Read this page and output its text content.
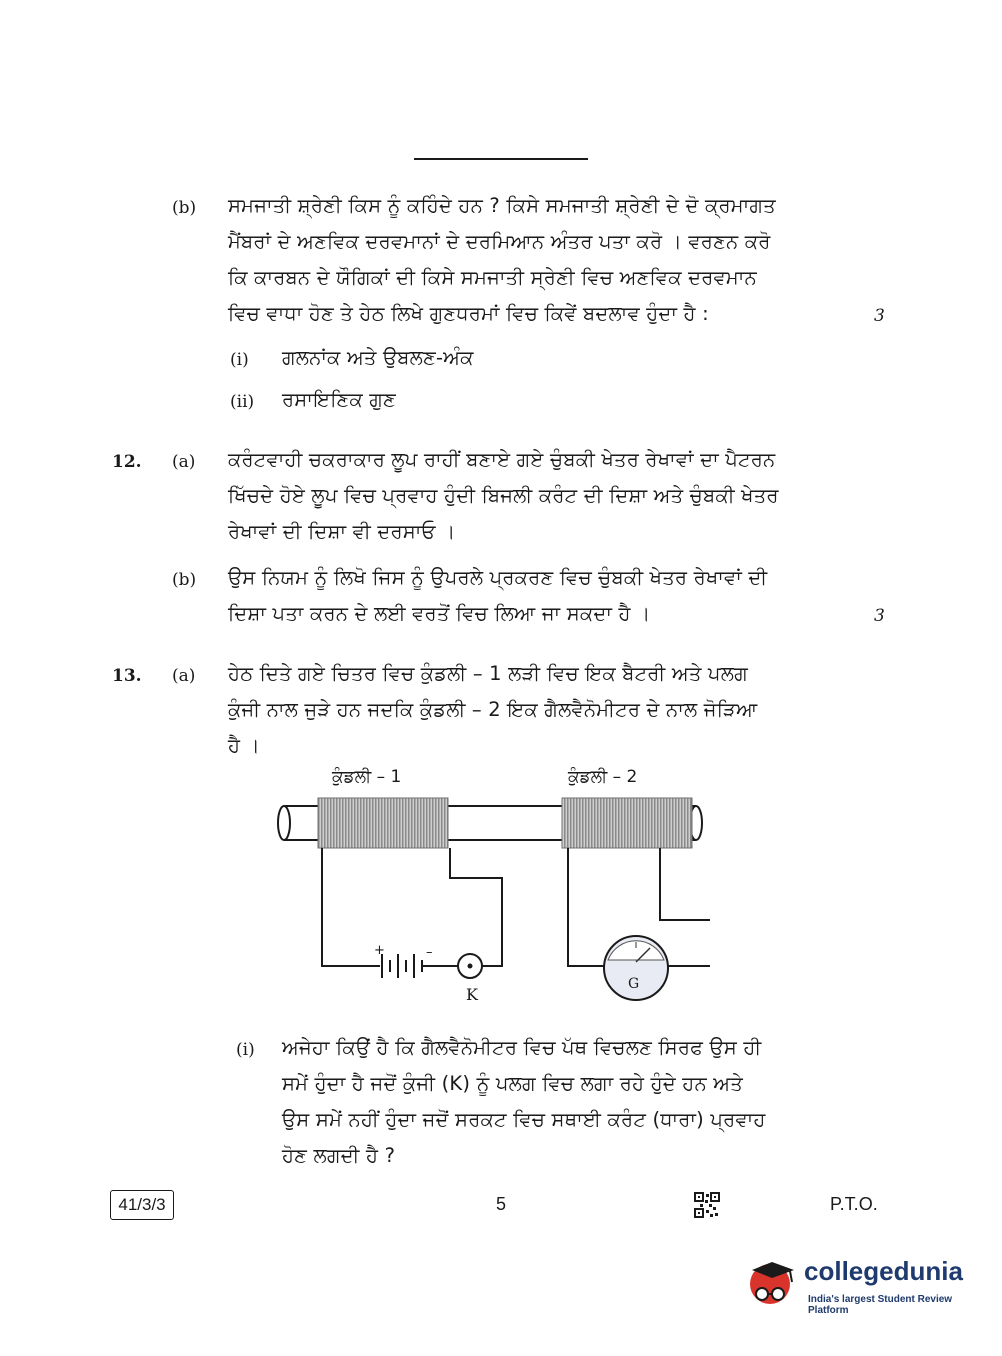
(b) ਸਮਜਾਤੀ ਸ਼੍ਰੇਣੀ ਕਿਸ ਨੂੰ ਕਹਿੰਦੇ ਹਨ ? ਕਿਸੇ ਸਮਜਾਤੀ ਸ਼੍ਰੇਣੀ ਦੇ ਦੋ ਕ੍ਰਮਾਗਤ
ਮੈਂਬਰਾਂ ਦੇ ਅਣਵਿਕ ਦਰਵਮਾਨਾਂ ਦੇ ਦਰਮਿਆਨ ਅੰਤਰ ਪਤਾ ਕਰੋ । ਵਰਣਨ ਕਰੋ
ਕਿ ਕਾਰਬਨ ਦੇ ਯੌਗਿਕਾਂ ਦੀ ਕਿਸੇ ਸਮਜਾਤੀ ਸ੍ਰੇਣੀ ਵਿਚ ਅਣਵਿਕ ਦਰਵਮਾਨ
ਵਿਚ ਵਾਧਾ ਹੋਣ ਤੇ ਹੇਠ ਲਿਖੇ ਗੁਣਧਰਮਾਂ ਵਿਚ ਕਿਵੇਂ ਬਦਲਾਵ ਹੁੰਦਾ ਹੈ :	3
(i) ਗਲਨਾਂਕ ਅਤੇ ਉਬਲਣ-ਅੰਕ
(ii) ਰਸਾਇਣਿਕ ਗੁਣ
12. (a) ਕਰੰਟਵਾਹੀ ਚਕਰਾਕਾਰ ਲੂਪ ਰਾਹੀਂ ਬਣਾਏ ਗਏ ਚੁੰਬਕੀ ਖੇਤਰ ਰੇਖਾਵਾਂ ਦਾ ਪੈਟਰਨ
ਖਿੱਚਦੇ ਹੋਏ ਲੂਪ ਵਿਚ ਪ੍ਰਵਾਹ ਹੁੰਦੀ ਬਿਜਲੀ ਕਰੰਟ ਦੀ ਦਿਸ਼ਾ ਅਤੇ ਚੁੰਬਕੀ ਖੇਤਰ
ਰੇਖਾਵਾਂ ਦੀ ਦਿਸ਼ਾ ਵੀ ਦਰਸਾਓ ।
(b) ਉਸ ਨਿਯਮ ਨੂੰ ਲਿਖੋ ਜਿਸ ਨੂੰ ਉਪਰਲੇ ਪ੍ਰਕਰਣ ਵਿਚ ਚੁੰਬਕੀ ਖੇਤਰ ਰੇਖਾਵਾਂ ਦੀ
ਦਿਸ਼ਾ ਪਤਾ ਕਰਨ ਦੇ ਲਈ ਵਰਤੋਂ ਵਿਚ ਲਿਆ ਜਾ ਸਕਦਾ ਹੈ ।	3
13. (a) ਹੇਠ ਦਿਤੇ ਗਏ ਚਿਤਰ ਵਿਚ ਕੁੰਡਲੀ – 1 ਲੜੀ ਵਿਚ ਇਕ ਬੈਟਰੀ ਅਤੇ ਪਲਗ
ਕੁੰਜੀ ਨਾਲ ਜੁੜੇ ਹਨ ਜਦਕਿ ਕੁੰਡਲੀ – 2 ਇਕ ਗੈਲਵੈਨੋਮੀਟਰ ਦੇ ਨਾਲ ਜੋੜਿਆ
ਹੈ ।
ਕੁੰਡਲੀ – 1	ਕੁੰਡਲੀ – 2
+	–
K
G
(i) ਅਜੇਹਾ ਕਿਉਂ ਹੈ ਕਿ ਗੈਲਵੈਨੋਮੀਟਰ ਵਿਚ ਪੱਥ ਵਿਚਲਣ ਸਿਰਫ ਉਸ ਹੀ
ਸਮੇਂ ਹੁੰਦਾ ਹੈ ਜਦੋਂ ਕੁੰਜੀ (K) ਨੂੰ ਪਲਗ ਵਿਚ ਲਗਾ ਰਹੇ ਹੁੰਦੇ ਹਨ ਅਤੇ
ਉਸ ਸਮੇਂ ਨਹੀਂ ਹੁੰਦਾ ਜਦੋਂ ਸਰਕਟ ਵਿਚ ਸਥਾਈ ਕਰੰਟ (ਧਾਰਾ) ਪ੍ਰਵਾਹ
ਹੋਣ ਲਗਦੀ ਹੈ ?
41/3/3	5	P.T.O.
collegedunia
India's largest Student Review Platform
